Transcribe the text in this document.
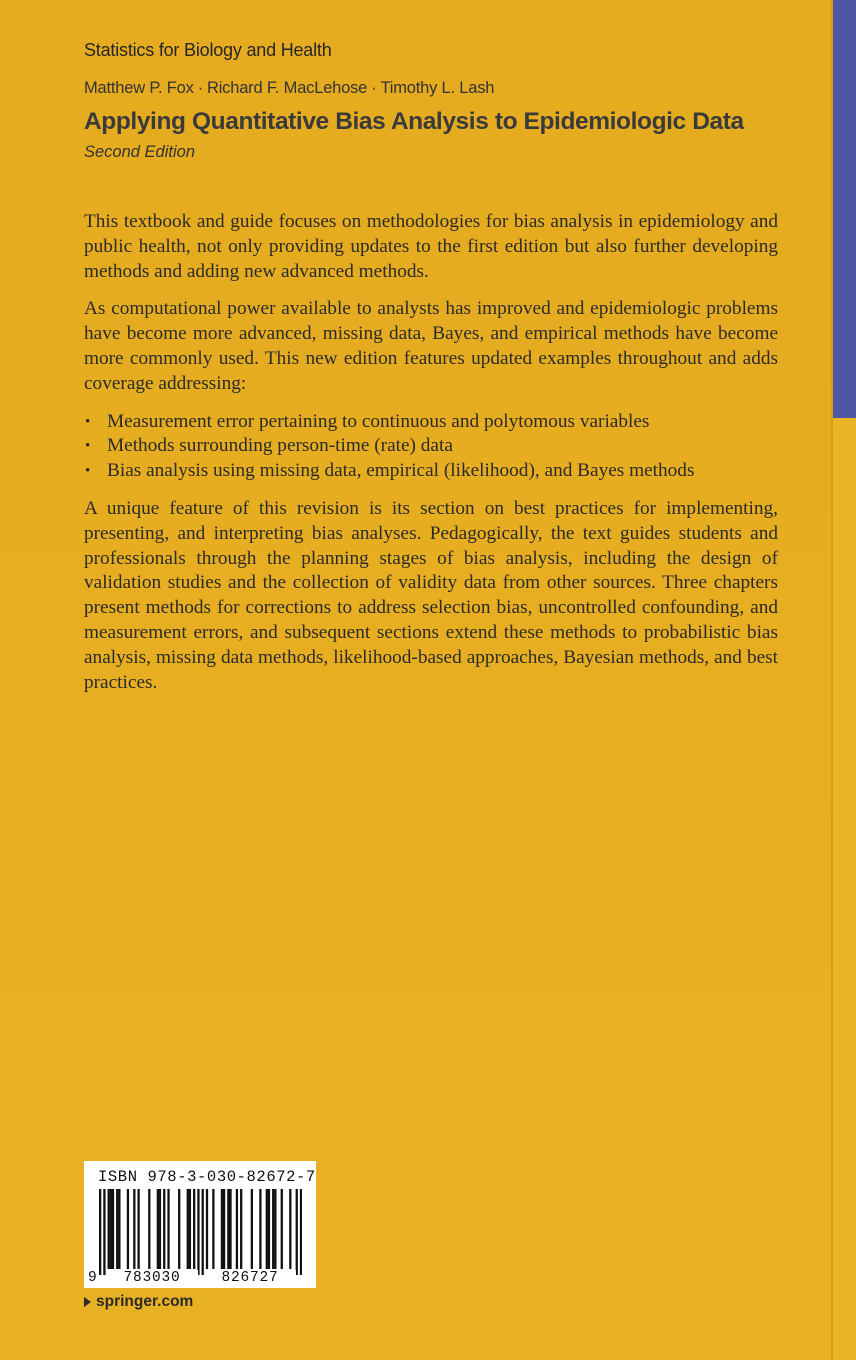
Statistics for Biology and Health
Matthew P. Fox · Richard F. MacLehose · Timothy L. Lash
Applying Quantitative Bias Analysis to Epidemiologic Data
Second Edition

This textbook and guide focuses on methodologies for bias analysis in epidemiology and public health, not only providing updates to the first edition but also further developing methods and adding new advanced methods.

As computational power available to analysts has improved and epidemiologic problems have become more advanced, missing data, Bayes, and empirical methods have become more commonly used. This new edition features updated examples throughout and adds coverage addressing:

• Measurement error pertaining to continuous and polytomous variables
• Methods surrounding person-time (rate) data
• Bias analysis using missing data, empirical (likelihood), and Bayes methods

A unique feature of this revision is its section on best practices for implementing, presenting, and interpreting bias analyses. Pedagogically, the text guides students and professionals through the planning stages of bias analysis, including the design of validation studies and the collection of validity data from other sources. Three chapters present methods for corrections to address selection bias, uncontrolled confounding, and measurement errors, and subsequent sections extend these methods to probabilistic bias analysis, missing data methods, likelihood-based approaches, Bayesian methods, and best practices.

ISBN 978-3-030-82672-7
9	783030	826727
springer.com
